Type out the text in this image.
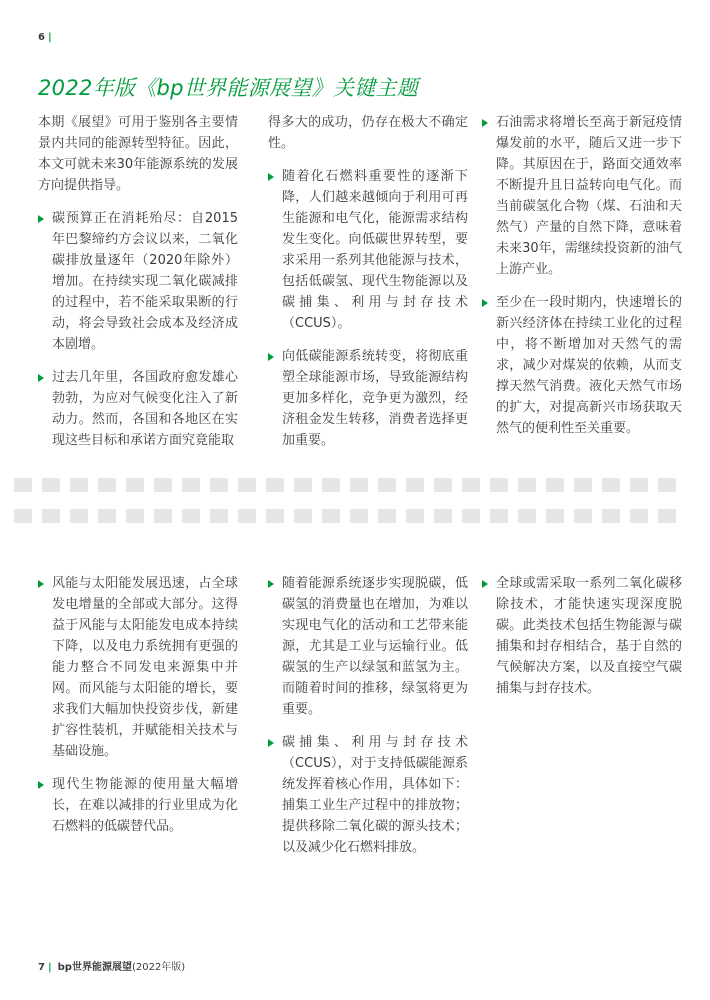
6 |
2022年版《bp世界能源展望》关键主题

本期《展望》可用于鉴别各主要情景内共同的能源转型特征。因此，本文可就未来30年能源系统的发展方向提供指导。

碳预算正在消耗殆尽：自2015年巴黎缔约方会议以来，二氧化碳排放量逐年（2020年除外）增加。在持续实现二氧化碳减排的过程中，若不能采取果断的行动，将会导致社会成本及经济成本剧增。
过去几年里，各国政府愈发雄心勃勃，为应对气候变化注入了新动力。然而，各国和各地区在实现这些目标和承诺方面究竟能取
得多大的成功，仍存在极大不确定性。
随着化石燃料重要性的逐渐下降，人们越来越倾向于利用可再生能源和电气化，能源需求结构发生变化。向低碳世界转型，要求采用一系列其他能源与技术，包括低碳氢、现代生物能源以及碳捕集、利用与封存技术（CCUS）。
向低碳能源系统转变，将彻底重塑全球能源市场，导致能源结构更加多样化，竞争更为激烈，经济租金发生转移，消费者选择更加重要。
石油需求将增长至高于新冠疫情爆发前的水平，随后又进一步下降。其原因在于，路面交通效率不断提升且日益转向电气化。而当前碳氢化合物（煤、石油和天然气）产量的自然下降，意味着未来30年，需继续投资新的油气上游产业。
至少在一段时期内，快速增长的新兴经济体在持续工业化的过程中，将不断增加对天然气的需求，减少对煤炭的依赖，从而支撑天然气消费。液化天然气市场的扩大，对提高新兴市场获取天然气的便利性至关重要。
风能与太阳能发展迅速，占全球发电增量的全部或大部分。这得益于风能与太阳能发电成本持续下降，以及电力系统拥有更强的能力整合不同发电来源集中并网。而风能与太阳能的增长，要求我们大幅加快投资步伐，新建扩容性装机，并赋能相关技术与基础设施。
现代生物能源的使用量大幅增长，在难以减排的行业里成为化石燃料的低碳替代品。
随着能源系统逐步实现脱碳，低碳氢的消费量也在增加，为难以实现电气化的活动和工艺带来能源，尤其是工业与运输行业。低碳氢的生产以绿氢和蓝氢为主。而随着时间的推移，绿氢将更为重要。
碳捕集、利用与封存技术（CCUS），对于支持低碳能源系统发挥着核心作用，具体如下：捕集工业生产过程中的排放物；提供移除二氧化碳的源头技术；以及减少化石燃料排放。
全球或需采取一系列二氧化碳移除技术，才能快速实现深度脱碳。此类技术包括生物能源与碳捕集和封存相结合，基于自然的气候解决方案，以及直接空气碳捕集与封存技术。
7 | bp世界能源展望(2022年版)
